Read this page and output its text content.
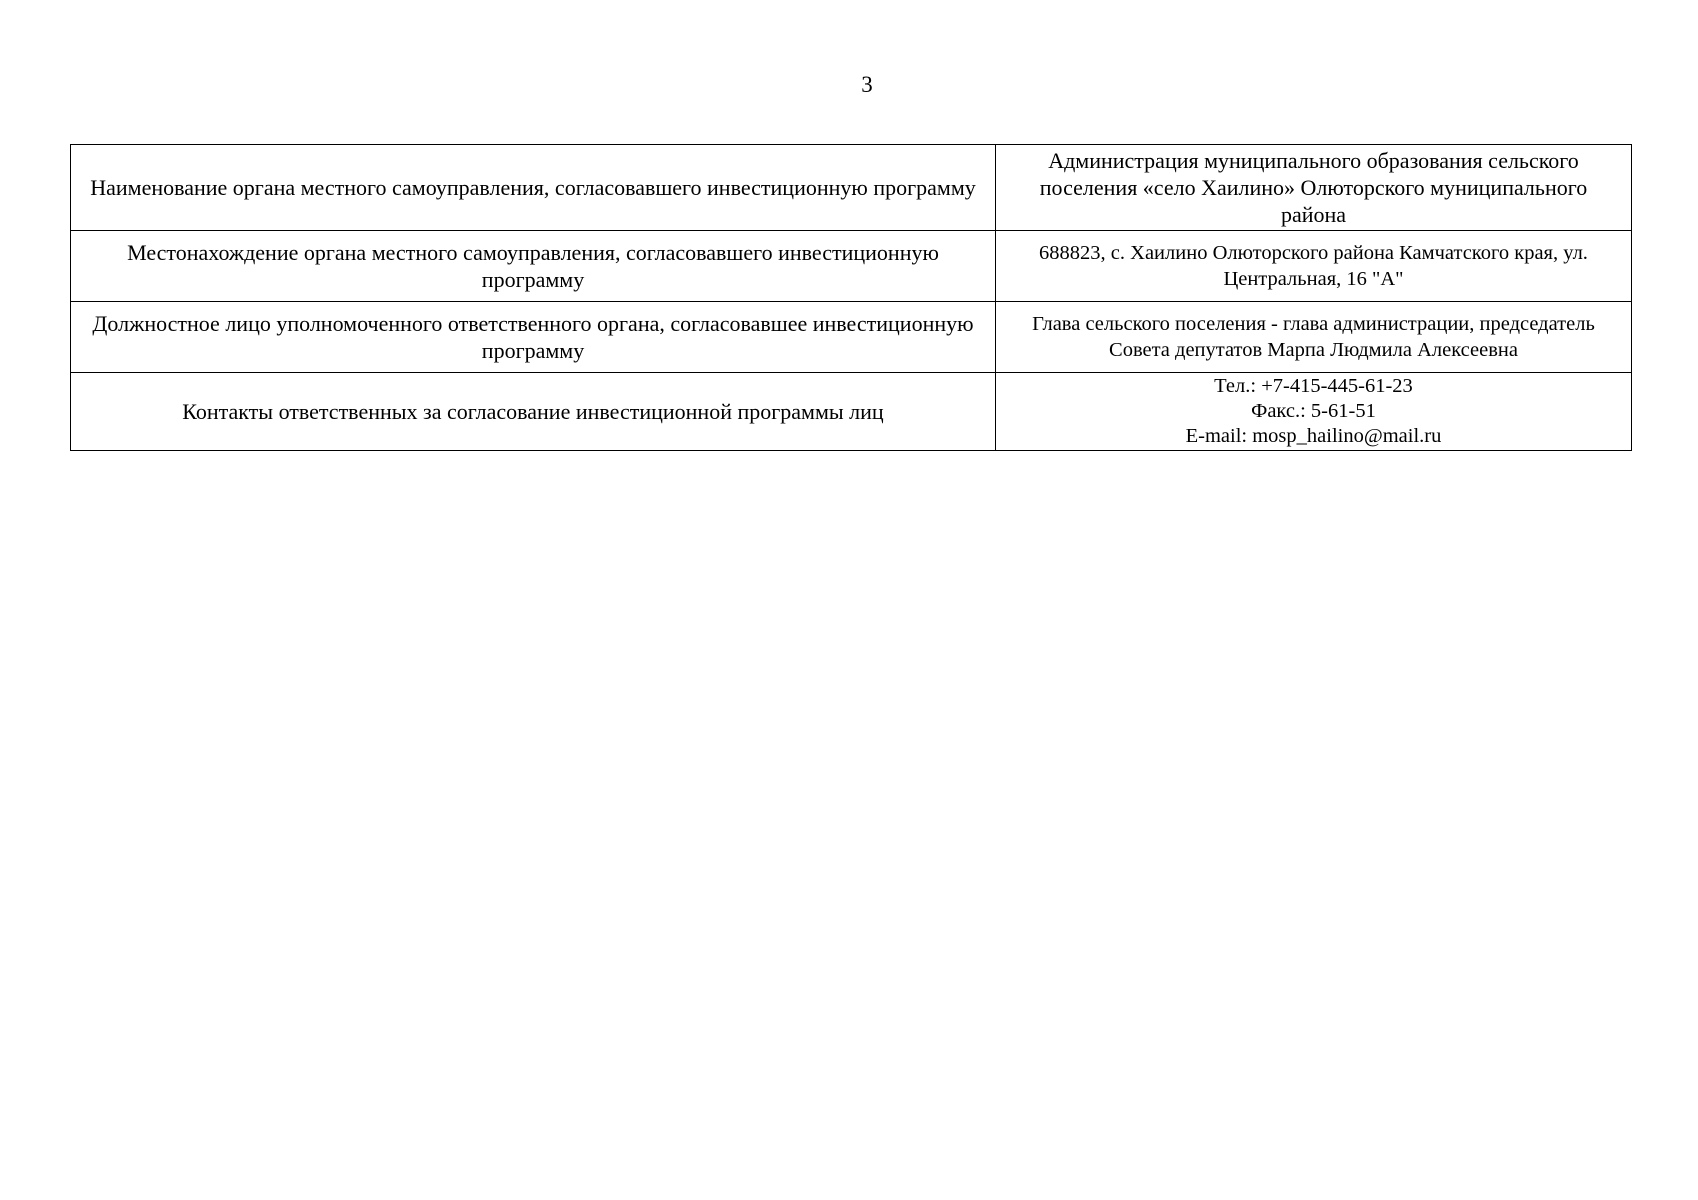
3
Наименование органа местного самоуправления, согласовавшего инвестиционную программу	Администрация муниципального образования сельского поселения «село Хаилино» Олюторского муниципального района
Местонахождение органа местного самоуправления, согласовавшего инвестиционную программу	688823, с. Хаилино Олюторского района Камчатского края, ул. Центральная, 16 "А"
Должностное лицо уполномоченного ответственного органа, согласовавшее инвестиционную программу	Глава сельского поселения - глава администрации, председатель Совета депутатов Марпа Людмила Алексеевна
Контакты ответственных за согласование инвестиционной программы лиц	Тел.: +7-415-445-61-23
Факс.: 5-61-51
E-mail: mosp_hailino@mail.ru
